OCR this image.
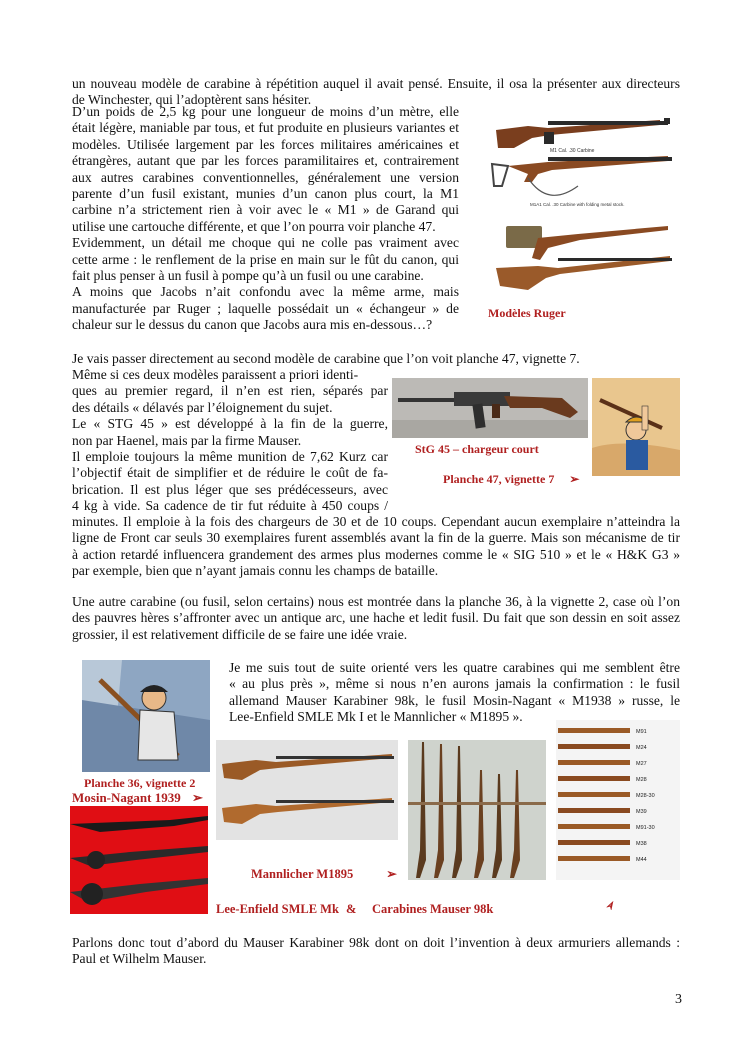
un nouveau modèle de carabine à répétition auquel il avait pensé. Ensuite, il osa la présenter aux directeurs
de Winchester, qui l’adoptèrent sans hésiter.
D’un poids de 2,5 kg pour une longueur de moins d’un mètre, elle
était légère, maniable par tous, et fut produite en plusieurs variantes et
modèles. Utilisée largement par les forces militaires américaines et
étrangères, autant que par les forces paramilitaires et, contrairement
aux autres carabines conventionnelles, généralement une version
parente d’un fusil existant, munies d’un canon plus court, la M1
carbine n’a strictement rien à voir avec le « M1 » de Garand qui
utilise une cartouche différente, et que l’on pourra voir planche 47.
Evidemment, un détail me choque qui ne colle pas vraiment avec
cette arme : le renflement de la prise en main sur le fût du canon, qui
fait plus penser à un fusil à pompe qu’à un fusil ou une carabine.
A moins que Jacobs n’ait confondu avec la même arme, mais
manufacturée par Ruger ; laquelle possédait un « échangeur » de
chaleur sur le dessus du canon que Jacobs aura mis en-dessous…?
Je vais passer directement au second modèle de carabine que l’on voit planche 47, vignette 7.
Même si ces deux modèles paraissent a priori identi-
ques au premier regard, il n’en est rien, séparés par
des détails « délavés par l’éloignement du sujet.
Le « STG 45 » est développé à la fin de la guerre,
non par Haenel, mais par la firme Mauser.
Il emploie toujours la même munition de 7,62 Kurz car
l’objectif était de simplifier et de réduire le coût de fa-
brication. Il est plus léger que ses prédécesseurs, avec
4 kg à vide. Sa cadence de tir fut réduite à 450 coups /
minutes. Il emploie à la fois des chargeurs de 30 et de 10 coups. Cependant aucun exemplaire n’atteindra la
ligne de Front car seuls 30 exemplaires furent assemblés avant la fin de la guerre. Mais son mécanisme de tir
à action retardé influencera grandement des armes plus modernes comme le « SIG 510 » et le « H&K G3 »
par exemple, bien que n’ayant jamais connu les champs de bataille.
Une autre carabine (ou fusil, selon certains) nous est montrée dans la planche 36, à la vignette 2, case où l’on
des pauvres hères s’affronter avec un antique arc, une hache et ledit fusil. Du fait que son dessin en soit assez
grossier, il est relativement difficile de se faire une idée vraie.
Je me suis tout de suite orienté vers les quatre carabines qui me semblent être
« au plus près », même si nous n’en aurons jamais la confirmation : le fusil
allemand Mauser Karabiner 98k, le fusil Mosin-Nagant « M1938 » russe, le
Lee-Enfield SMLE Mk I et le Mannlicher « M1895 ».
Parlons donc tout d’abord du Mauser Karabiner 98k dont on doit l’invention à deux armuriers allemands :
Paul et Wilhelm Mauser.
3
M1 Cal. .30 Carbine
M1A1 Cal. .30 Carbine with folding metal stock.
Modèles Ruger
StG 45 – chargeur court
Planche 47, vignette 7 ➢
Planche 36, vignette 2
Mosin-Nagant 1939 ➢
M91
M24
M27
M28
M28-30
M39
M91-30
M38
M44
Mannlicher M1895	➢
Lee-Enfield SMLE Mk & Carabines Mauser 98k	➢
